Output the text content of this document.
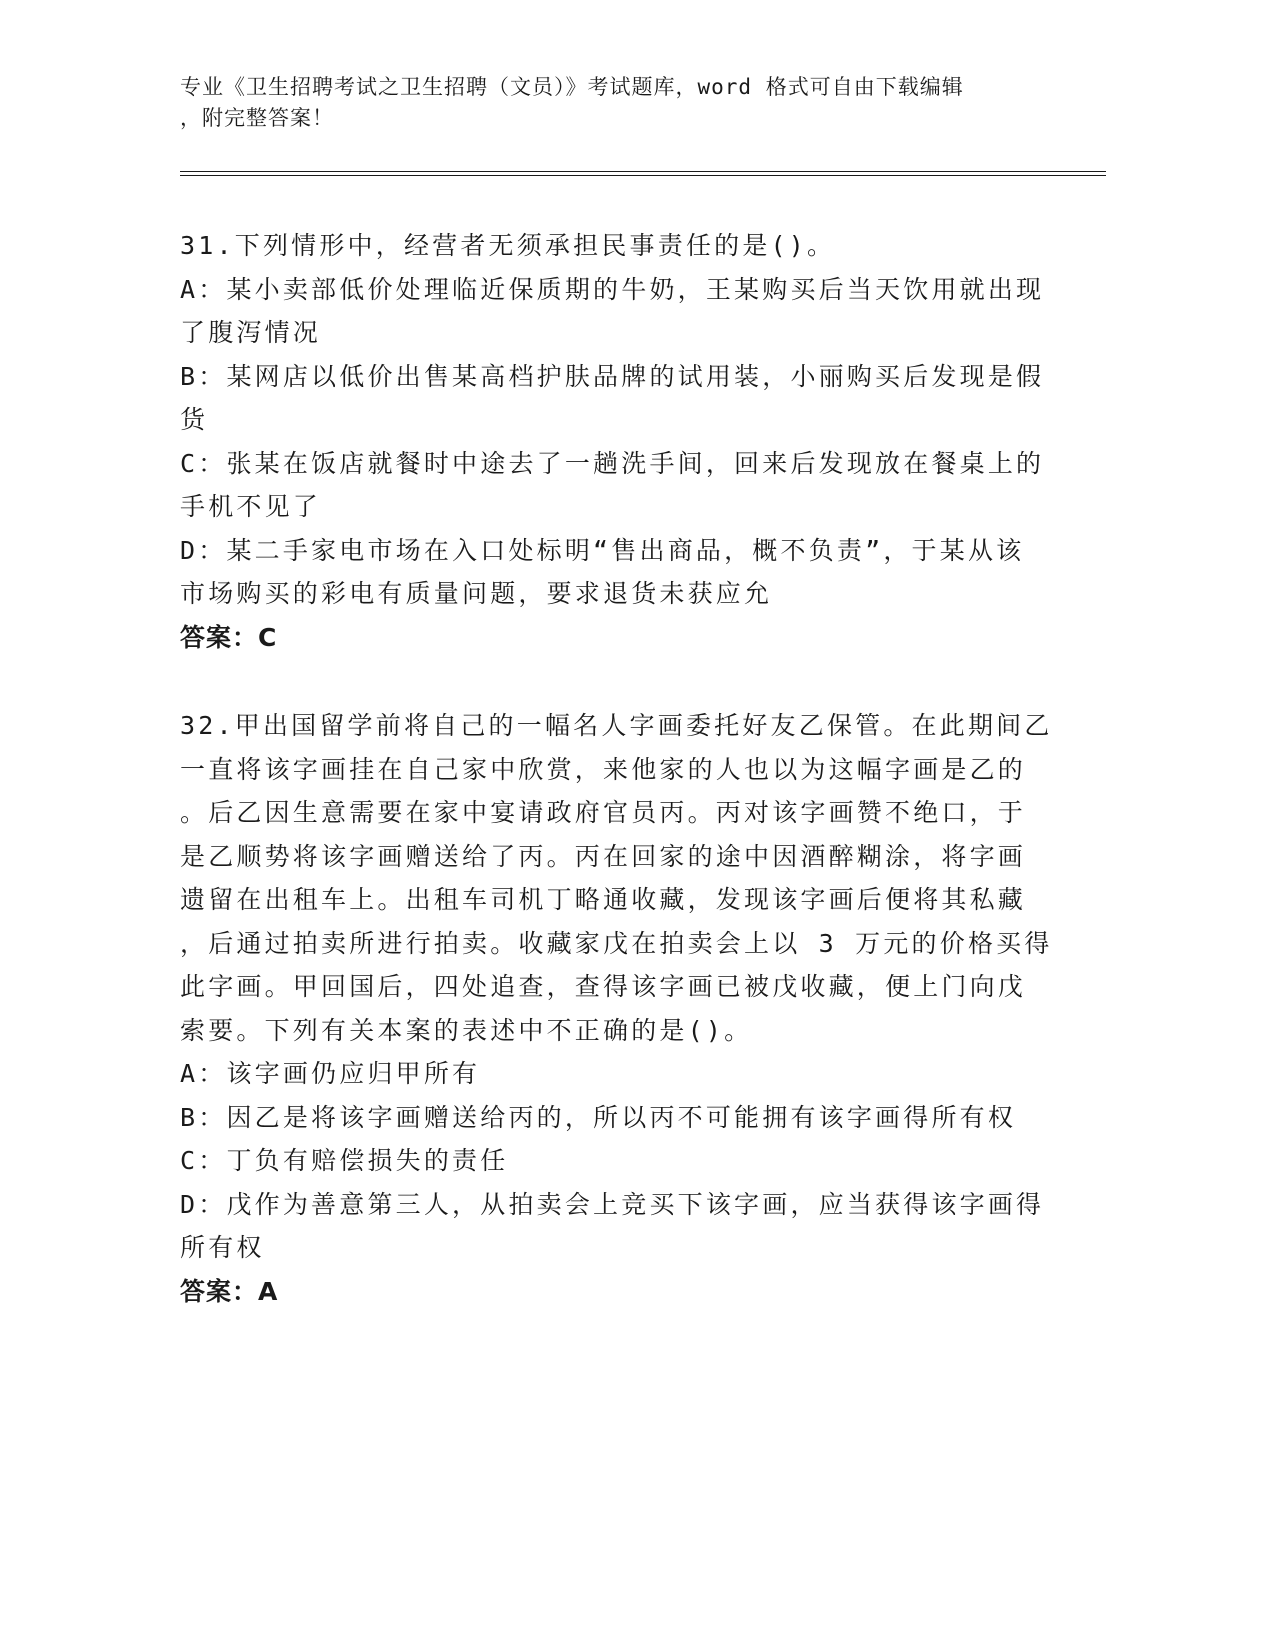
专业《卫生招聘考试之卫生招聘（文员）》考试题库，word 格式可自由下载编辑
，附完整答案！
31.下列情形中，经营者无须承担民事责任的是()。
A：某小卖部低价处理临近保质期的牛奶，王某购买后当天饮用就出现
了腹泻情况
B：某网店以低价出售某高档护肤品牌的试用装，小丽购买后发现是假
货
C：张某在饭店就餐时中途去了一趟洗手间，回来后发现放在餐桌上的
手机不见了
D：某二手家电市场在入口处标明“售出商品，概不负责”，于某从该
市场购买的彩电有质量问题，要求退货未获应允
答案：C
32.甲出国留学前将自己的一幅名人字画委托好友乙保管。在此期间乙
一直将该字画挂在自己家中欣赏，来他家的人也以为这幅字画是乙的
。后乙因生意需要在家中宴请政府官员丙。丙对该字画赞不绝口，于
是乙顺势将该字画赠送给了丙。丙在回家的途中因酒醉糊涂，将字画
遗留在出租车上。出租车司机丁略通收藏，发现该字画后便将其私藏
，后通过拍卖所进行拍卖。收藏家戊在拍卖会上以 3 万元的价格买得
此字画。甲回国后，四处追查，查得该字画已被戊收藏，便上门向戊
索要。下列有关本案的表述中不正确的是()。
A：该字画仍应归甲所有
B：因乙是将该字画赠送给丙的，所以丙不可能拥有该字画得所有权
C：丁负有赔偿损失的责任
D：戊作为善意第三人，从拍卖会上竞买下该字画，应当获得该字画得
所有权
答案：A
